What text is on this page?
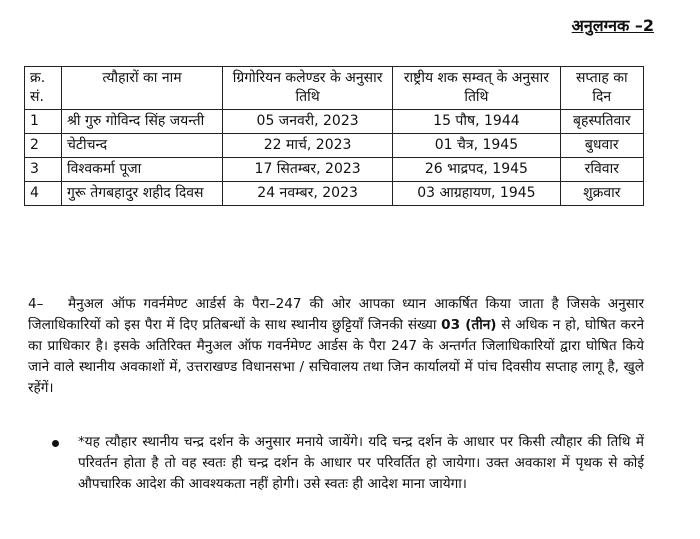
अनुलग्नक –2
क्र. सं.	त्यौहारों का नाम	ग्रिगोरियन कलेण्डर के अनुसार तिथि	राष्ट्रीय शक सम्वत् के अनुसार तिथि	सप्ताह का दिन
1	श्री गुरु गोविन्द सिंह जयन्ती	05 जनवरी, 2023	15 पौष, 1944	बृहस्पतिवार
2	चेटीचन्द	22 मार्च, 2023	01 चैत्र, 1945	बुधवार
3	विश्वकर्मा पूजा	17 सितम्बर, 2023	26 भाद्रपद, 1945	रविवार
4	गुरू तेगबहादुर शहीद दिवस	24 नवम्बर, 2023	03 आग्रहायण, 1945	शुक्रवार
4– मैनुअल ऑफ गवर्नमेण्ट आर्डर्स के पैरा–247 की ओर आपका ध्यान आकर्षित किया जाता है जिसके अनुसार जिलाधिकारियों को इस पैरा में दिए प्रतिबन्धों के साथ स्थानीय छुट्टियाँ जिनकी संख्या 03 (तीन) से अधिक न हो, घोषित करने का प्राधिकार है। इसके अतिरिक्त मैनुअल ऑफ गवर्नमेण्ट आर्डस के पैरा 247 के अन्तर्गत जिलाधिकारियों द्वारा घोषित किये जाने वाले स्थानीय अवकाशों में, उत्तराखण्ड विधानसभा / सचिवालय तथा जिन कार्यालयों में पांच दिवसीय सप्ताह लागू है, खुले रहेंगें।
*यह त्यौहार स्थानीय चन्द्र दर्शन के अनुसार मनाये जायेंगे। यदि चन्द्र दर्शन के आधार पर किसी त्यौहार की तिथि में परिवर्तन होता है तो वह स्वतः ही चन्द्र दर्शन के आधार पर परिवर्तित हो जायेगा। उक्त अवकाश में पृथक से कोई औपचारिक आदेश की आवश्यकता नहीं होगी। उसे स्वतः ही आदेश माना जायेगा।
